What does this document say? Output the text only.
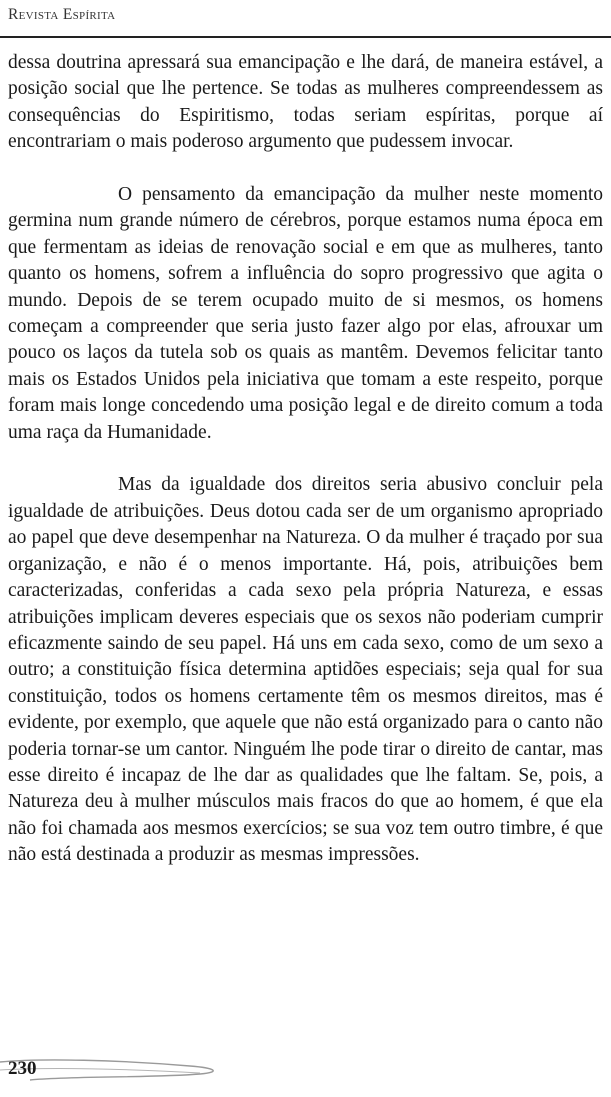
Revista Espírita

dessa doutrina apressará sua emancipação e lhe dará, de maneira estável, a posição social que lhe pertence. Se todas as mulheres compreendessem as consequências do Espiritismo, todas seriam espíritas, porque aí encontrariam o mais poderoso argumento que pudessem invocar.

O pensamento da emancipação da mulher neste momento germina num grande número de cérebros, porque estamos numa época em que fermentam as ideias de renovação social e em que as mulheres, tanto quanto os homens, sofrem a influência do sopro progressivo que agita o mundo. Depois de se terem ocupado muito de si mesmos, os homens começam a compreender que seria justo fazer algo por elas, afrouxar um pouco os laços da tutela sob os quais as mantêm. Devemos felicitar tanto mais os Estados Unidos pela iniciativa que tomam a este respeito, porque foram mais longe concedendo uma posição legal e de direito comum a toda uma raça da Humanidade.

Mas da igualdade dos direitos seria abusivo concluir pela igualdade de atribuições. Deus dotou cada ser de um organismo apropriado ao papel que deve desempenhar na Natureza. O da mulher é traçado por sua organização, e não é o menos importante. Há, pois, atribuições bem caracterizadas, conferidas a cada sexo pela própria Natureza, e essas atribuições implicam deveres especiais que os sexos não poderiam cumprir eficazmente saindo de seu papel. Há uns em cada sexo, como de um sexo a outro; a constituição física determina aptidões especiais; seja qual for sua constituição, todos os homens certamente têm os mesmos direitos, mas é evidente, por exemplo, que aquele que não está organizado para o canto não poderia tornar-se um cantor. Ninguém lhe pode tirar o direito de cantar, mas esse direito é incapaz de lhe dar as qualidades que lhe faltam. Se, pois, a Natureza deu à mulher músculos mais fracos do que ao homem, é que ela não foi chamada aos mesmos exercícios; se sua voz tem outro timbre, é que não está destinada a produzir as mesmas impressões.

230
